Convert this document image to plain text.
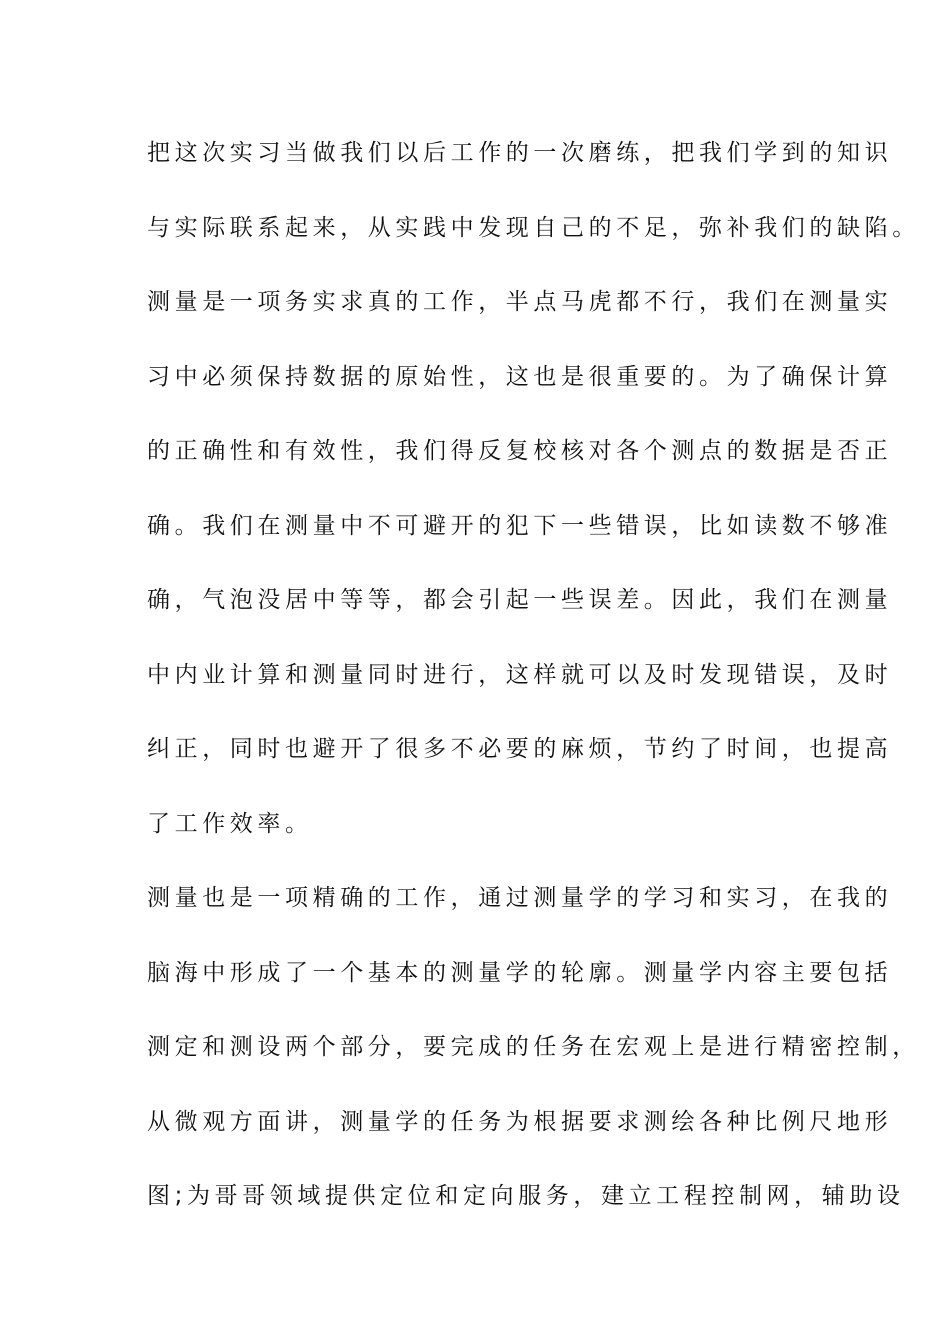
把这次实习当做我们以后工作的一次磨练，把我们学到的知识
与实际联系起来，从实践中发现自己的不足，弥补我们的缺陷。
测量是一项务实求真的工作，半点马虎都不行，我们在测量实
习中必须保持数据的原始性，这也是很重要的。为了确保计算
的正确性和有效性，我们得反复校核对各个测点的数据是否正
确。我们在测量中不可避开的犯下一些错误，比如读数不够准
确，气泡没居中等等，都会引起一些误差。因此，我们在测量
中内业计算和测量同时进行，这样就可以及时发现错误，及时
纠正，同时也避开了很多不必要的麻烦，节约了时间，也提高
了工作效率。
测量也是一项精确的工作，通过测量学的学习和实习，在我的
脑海中形成了一个基本的测量学的轮廓。测量学内容主要包括
测定和测设两个部分，要完成的任务在宏观上是进行精密控制，
从微观方面讲，测量学的任务为根据要求测绘各种比例尺地形
图;为哥哥领域提供定位和定向服务，建立工程控制网，辅助设
